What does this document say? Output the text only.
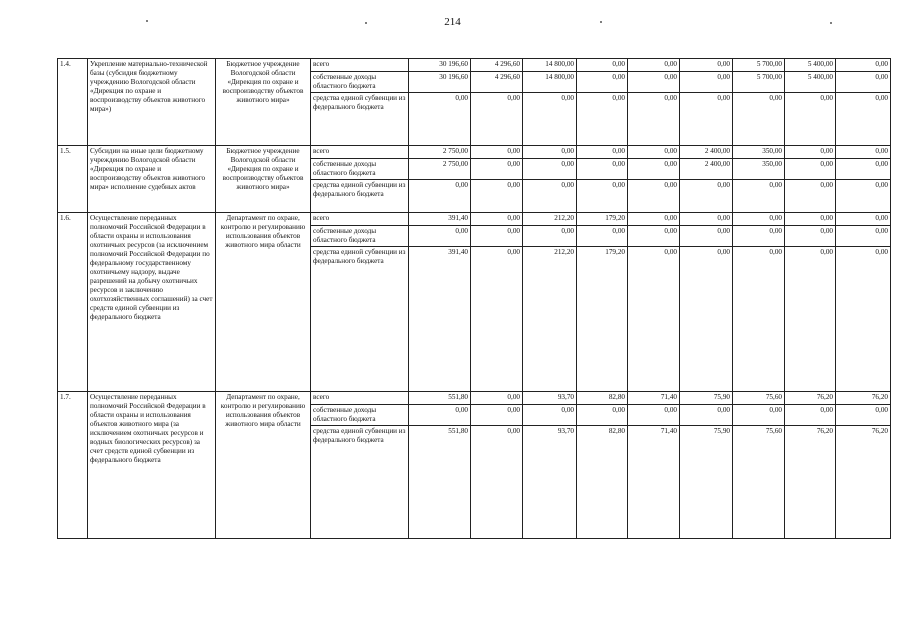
214
1.4.	Укрепление материально-технической базы (субсидия бюджетному учреждению Вологодской области «Дирекция по охране и воспроизводству объектов животного мира»)	Бюджетное учреждение Вологодской области «Дирекция по охране и воспроизводству объектов животного мира»	всего	30 196,60	4 296,60	14 800,00	0,00	0,00	0,00	5 700,00	5 400,00	0,00
			собственные доходы областного бюджета	30 196,60	4 296,60	14 800,00	0,00	0,00	0,00	5 700,00	5 400,00	0,00
			средства единой субвенции из федерального бюджета	0,00	0,00	0,00	0,00	0,00	0,00	0,00	0,00	0,00
1.5.	Субсидии на иные цели бюджетному учреждению Вологодской области «Дирекция по охране и воспроизводству объектов животного мира» исполнение судебных актов	Бюджетное учреждение Вологодской области «Дирекция по охране и воспроизводству объектов животного мира»	всего	2 750,00	0,00	0,00	0,00	0,00	2 400,00	350,00	0,00	0,00
			собственные доходы областного бюджета	2 750,00	0,00	0,00	0,00	0,00	2 400,00	350,00	0,00	0,00
			средства единой субвенции из федерального бюджета	0,00	0,00	0,00	0,00	0,00	0,00	0,00	0,00	0,00
1.6.	Осуществление переданных полномочий Российской Федерации в области охраны и использования охотничьих ресурсов (за исключением полномочий Российской Федерации по федеральному государственному охотничьему надзору, выдаче разрешений на добычу охотничьих ресурсов и заключению охотхозяйственных соглашений) за счет средств единой субвенции из федерального бюджета	Департамент по охране, контролю и регулированию использования объектов животного мира области	всего	391,40	0,00	212,20	179,20	0,00	0,00	0,00	0,00	0,00
			собственные доходы областного бюджета	0,00	0,00	0,00	0,00	0,00	0,00	0,00	0,00	0,00
			средства единой субвенции из федерального бюджета	391,40	0,00	212,20	179,20	0,00	0,00	0,00	0,00	0,00
1.7.	Осуществление переданных полномочий Российской Федерации в области охраны и использования объектов животного мира (за исключением охотничьих ресурсов и водных биологических ресурсов) за счет средств единой субвенции из федерального бюджета	Департамент по охране, контролю и регулированию использования объектов животного мира области	всего	551,80	0,00	93,70	82,80	71,40	75,90	75,60	76,20	76,20
			собственные доходы областного бюджета	0,00	0,00	0,00	0,00	0,00	0,00	0,00	0,00	0,00
			средства единой субвенции из федерального бюджета	551,80	0,00	93,70	82,80	71,40	75,90	75,60	76,20	76,20
